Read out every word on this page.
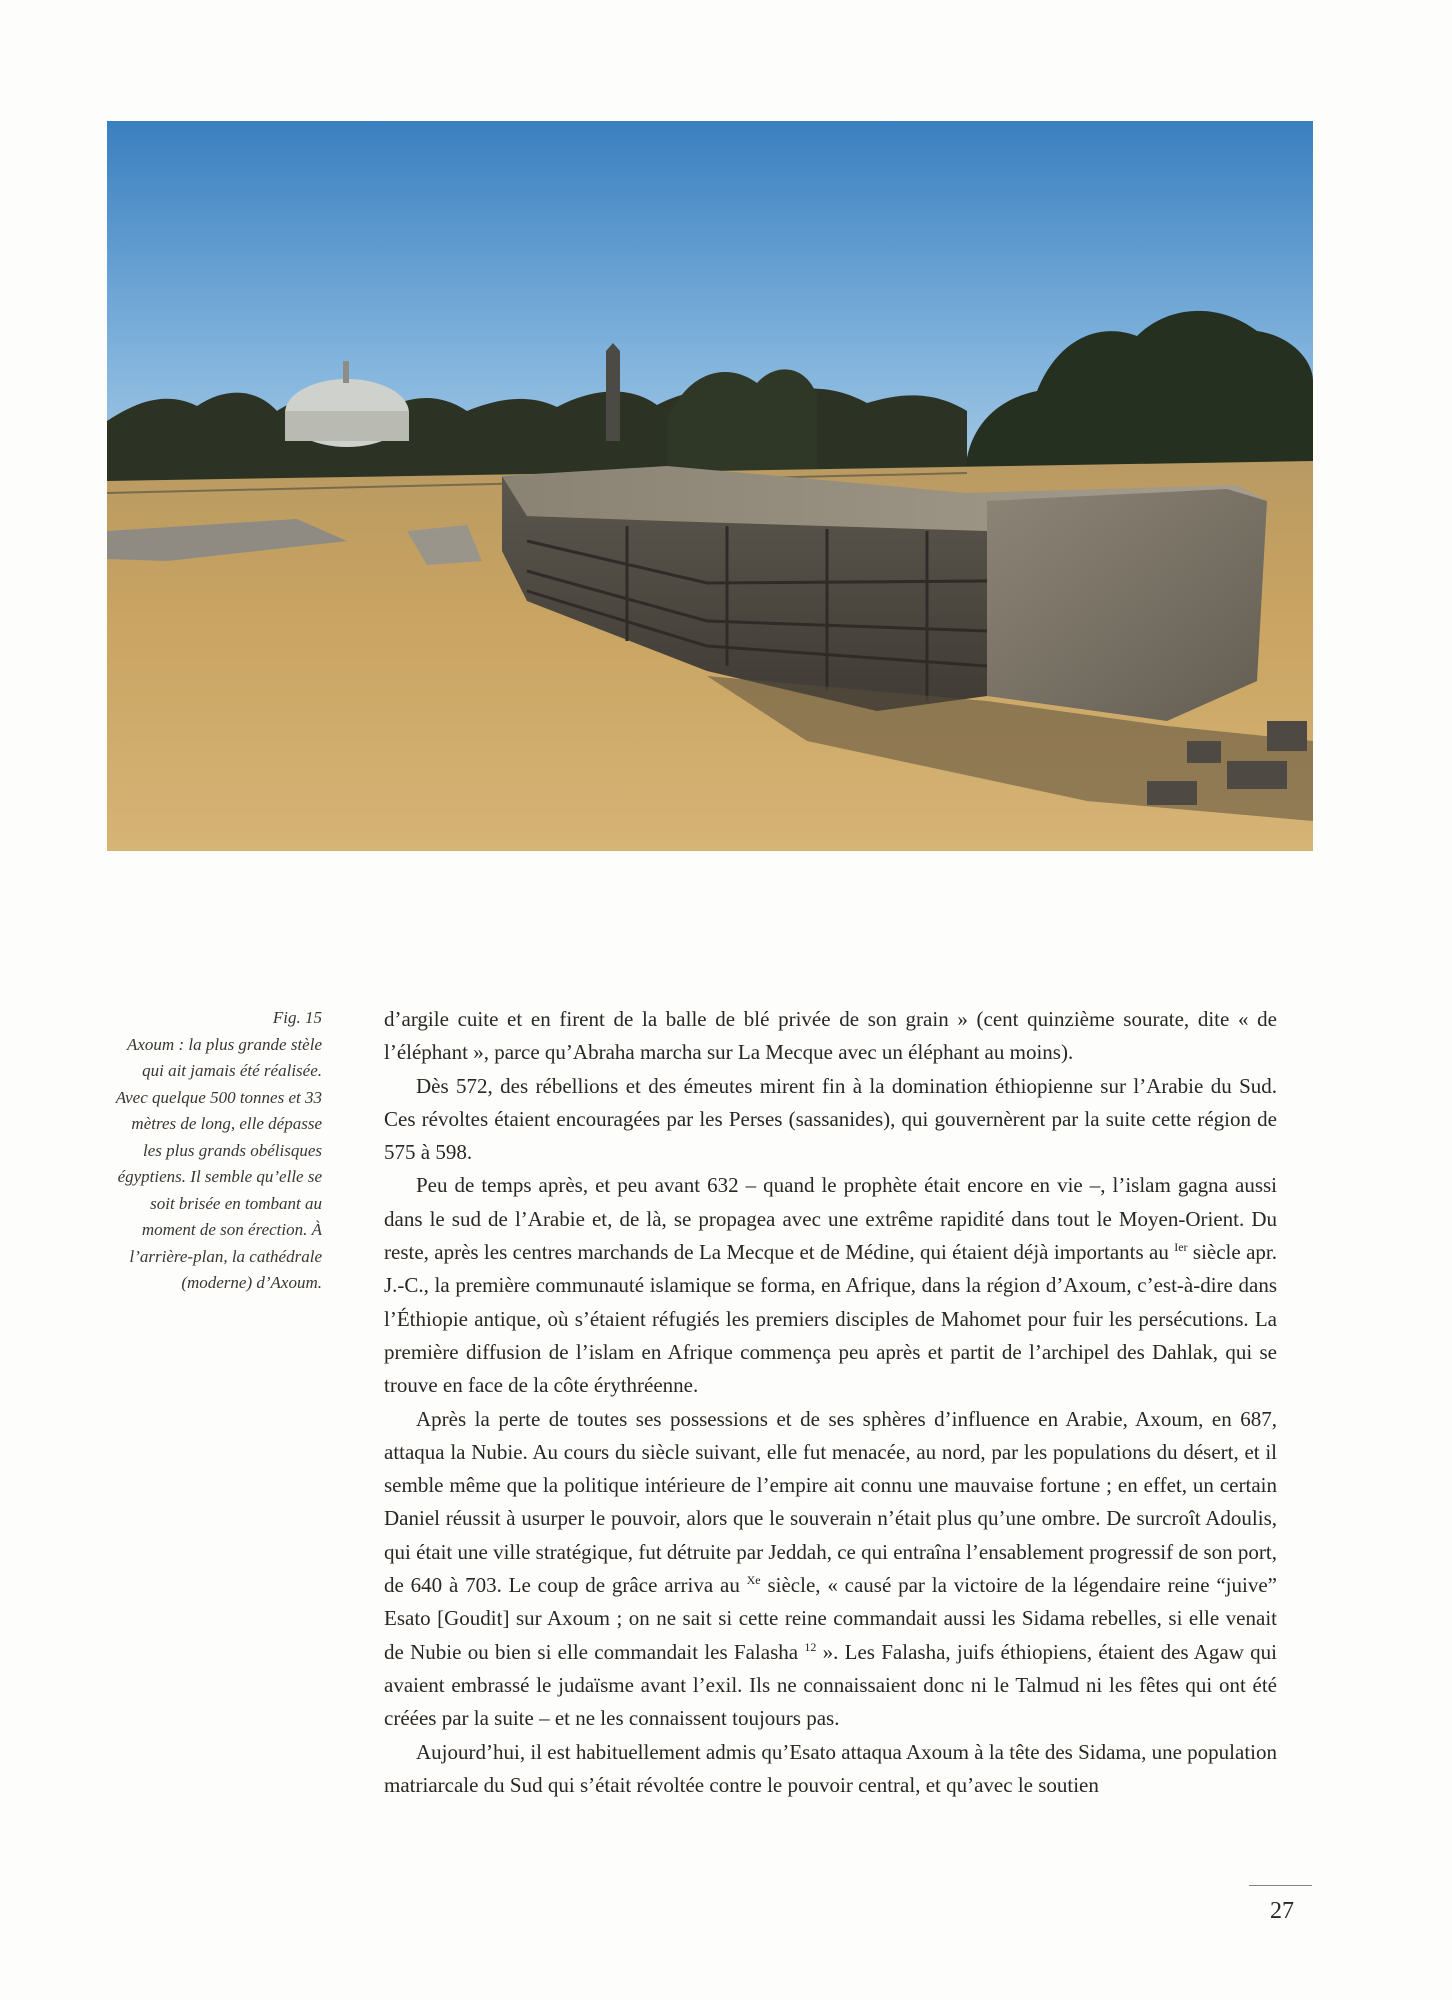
Fig. 15
Axoum : la plus grande stèle qui ait jamais été réalisée. Avec quelque 500 tonnes et 33 mètres de long, elle dépasse les plus grands obélisques égyptiens. Il semble qu’elle se soit brisée en tombant au moment de son érection. À l’arrière-plan, la cathédrale (moderne) d’Axoum.

d’argile cuite et en firent de la balle de blé privée de son grain » (cent quinzième sourate, dite « de l’éléphant », parce qu’Abraha marcha sur La Mecque avec un éléphant au moins).

Dès 572, des rébellions et des émeutes mirent fin à la domination éthiopienne sur l’Arabie du Sud. Ces révoltes étaient encouragées par les Perses (sassanides), qui gouvernèrent par la suite cette région de 575 à 598.

Peu de temps après, et peu avant 632 – quand le prophète était encore en vie –, l’islam gagna aussi dans le sud de l’Arabie et, de là, se propagea avec une extrême rapidité dans tout le Moyen-Orient. Du reste, après les centres marchands de La Mecque et de Médine, qui étaient déjà importants au $^{Ier}$ siècle apr. J.-C., la première communauté islamique se forma, en Afrique, dans la région d’Axoum, c’est-à-dire dans l’Éthiopie antique, où s’étaient réfugiés les premiers disciples de Mahomet pour fuir les persécutions. La première diffusion de l’islam en Afrique commença peu après et partit de l’archipel des Dahlak, qui se trouve en face de la côte érythréenne.

Après la perte de toutes ses possessions et de ses sphères d’influence en Arabie, Axoum, en 687, attaqua la Nubie. Au cours du siècle suivant, elle fut menacée, au nord, par les populations du désert, et il semble même que la politique intérieure de l’empire ait connu une mauvaise fortune ; en effet, un certain Daniel réussit à usurper le pouvoir, alors que le souverain n’était plus qu’une ombre. De surcroît Adoulis, qui était une ville stratégique, fut détruite par Jeddah, ce qui entraîna l’ensablement progressif de son port, de 640 à 703. Le coup de grâce arriva au $^{Xe}$ siècle, « causé par la victoire de la légendaire reine “juive” Esato [Goudit] sur Axoum ; on ne sait si cette reine commandait aussi les Sidama rebelles, si elle venait de Nubie ou bien si elle commandait les Falasha $^{12}$ ». Les Falasha, juifs éthiopiens, étaient des Agaw qui avaient embrassé le judaïsme avant l’exil. Ils ne connaissaient donc ni le Talmud ni les fêtes qui ont été créées par la suite – et ne les connaissent toujours pas.

Aujourd’hui, il est habituellement admis qu’Esato attaqua Axoum à la tête des Sidama, une population matriarcale du Sud qui s’était révoltée contre le pouvoir central, et qu’avec le soutien

27
